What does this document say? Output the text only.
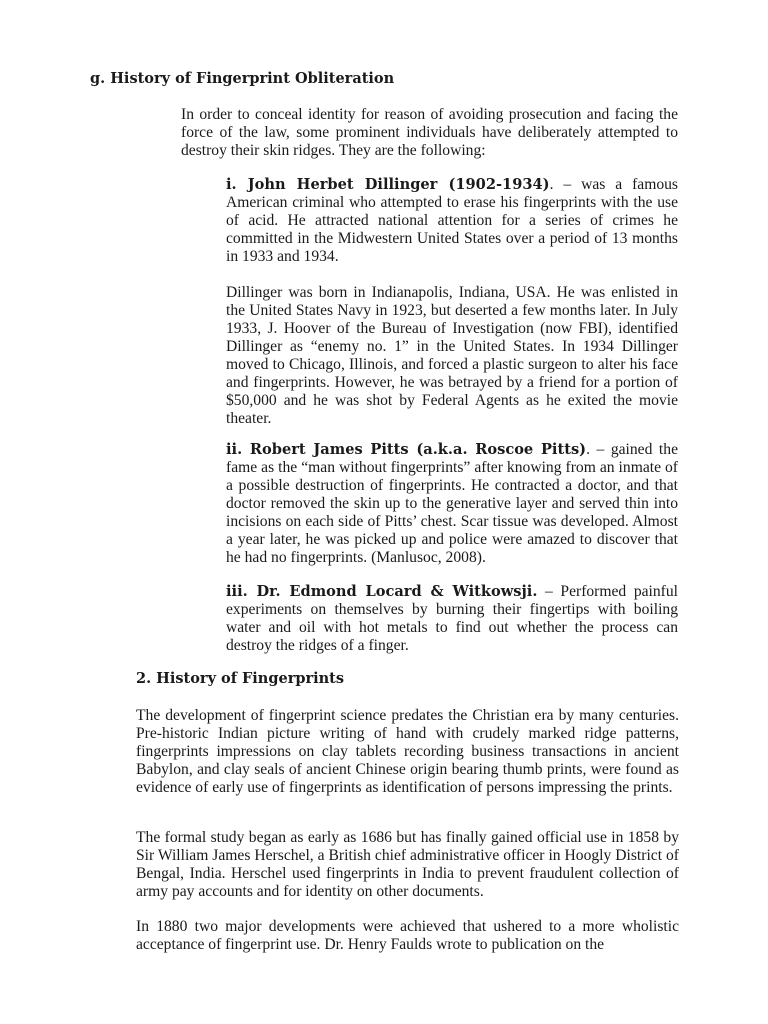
g. History of Fingerprint Obliteration

In order to conceal identity for reason of avoiding prosecution and facing the force of the law, some prominent individuals have deliberately attempted to destroy their skin ridges. They are the following:

i. John Herbet Dillinger (1902-1934). – was a famous American criminal who attempted to erase his fingerprints with the use of acid. He attracted national attention for a series of crimes he committed in the Midwestern United States over a period of 13 months in 1933 and 1934.

Dillinger was born in Indianapolis, Indiana, USA. He was enlisted in the United States Navy in 1923, but deserted a few months later. In July 1933, J. Hoover of the Bureau of Investigation (now FBI), identified Dillinger as “enemy no. 1” in the United States. In 1934 Dillinger moved to Chicago, Illinois, and forced a plastic surgeon to alter his face and fingerprints. However, he was betrayed by a friend for a portion of $50,000 and he was shot by Federal Agents as he exited the movie theater.

ii. Robert James Pitts (a.k.a. Roscoe Pitts). – gained the fame as the “man without fingerprints” after knowing from an inmate of a possible destruction of fingerprints. He contracted a doctor, and that doctor removed the skin up to the generative layer and served thin into incisions on each side of Pitts’ chest. Scar tissue was developed. Almost a year later, he was picked up and police were amazed to discover that he had no fingerprints. (Manlusoc, 2008).

iii. Dr. Edmond Locard & Witkowsji. – Performed painful experiments on themselves by burning their fingertips with boiling water and oil with hot metals to find out whether the process can destroy the ridges of a finger.

2. History of Fingerprints

The development of fingerprint science predates the Christian era by many centuries. Pre-historic Indian picture writing of hand with crudely marked ridge patterns, fingerprints impressions on clay tablets recording business transactions in ancient Babylon, and clay seals of ancient Chinese origin bearing thumb prints, were found as evidence of early use of fingerprints as identification of persons impressing the prints.

The formal study began as early as 1686 but has finally gained official use in 1858 by Sir William James Herschel, a British chief administrative officer in Hoogly District of Bengal, India. Herschel used fingerprints in India to prevent fraudulent collection of army pay accounts and for identity on other documents.

In 1880 two major developments were achieved that ushered to a more wholistic acceptance of fingerprint use. Dr. Henry Faulds wrote to publication on the
